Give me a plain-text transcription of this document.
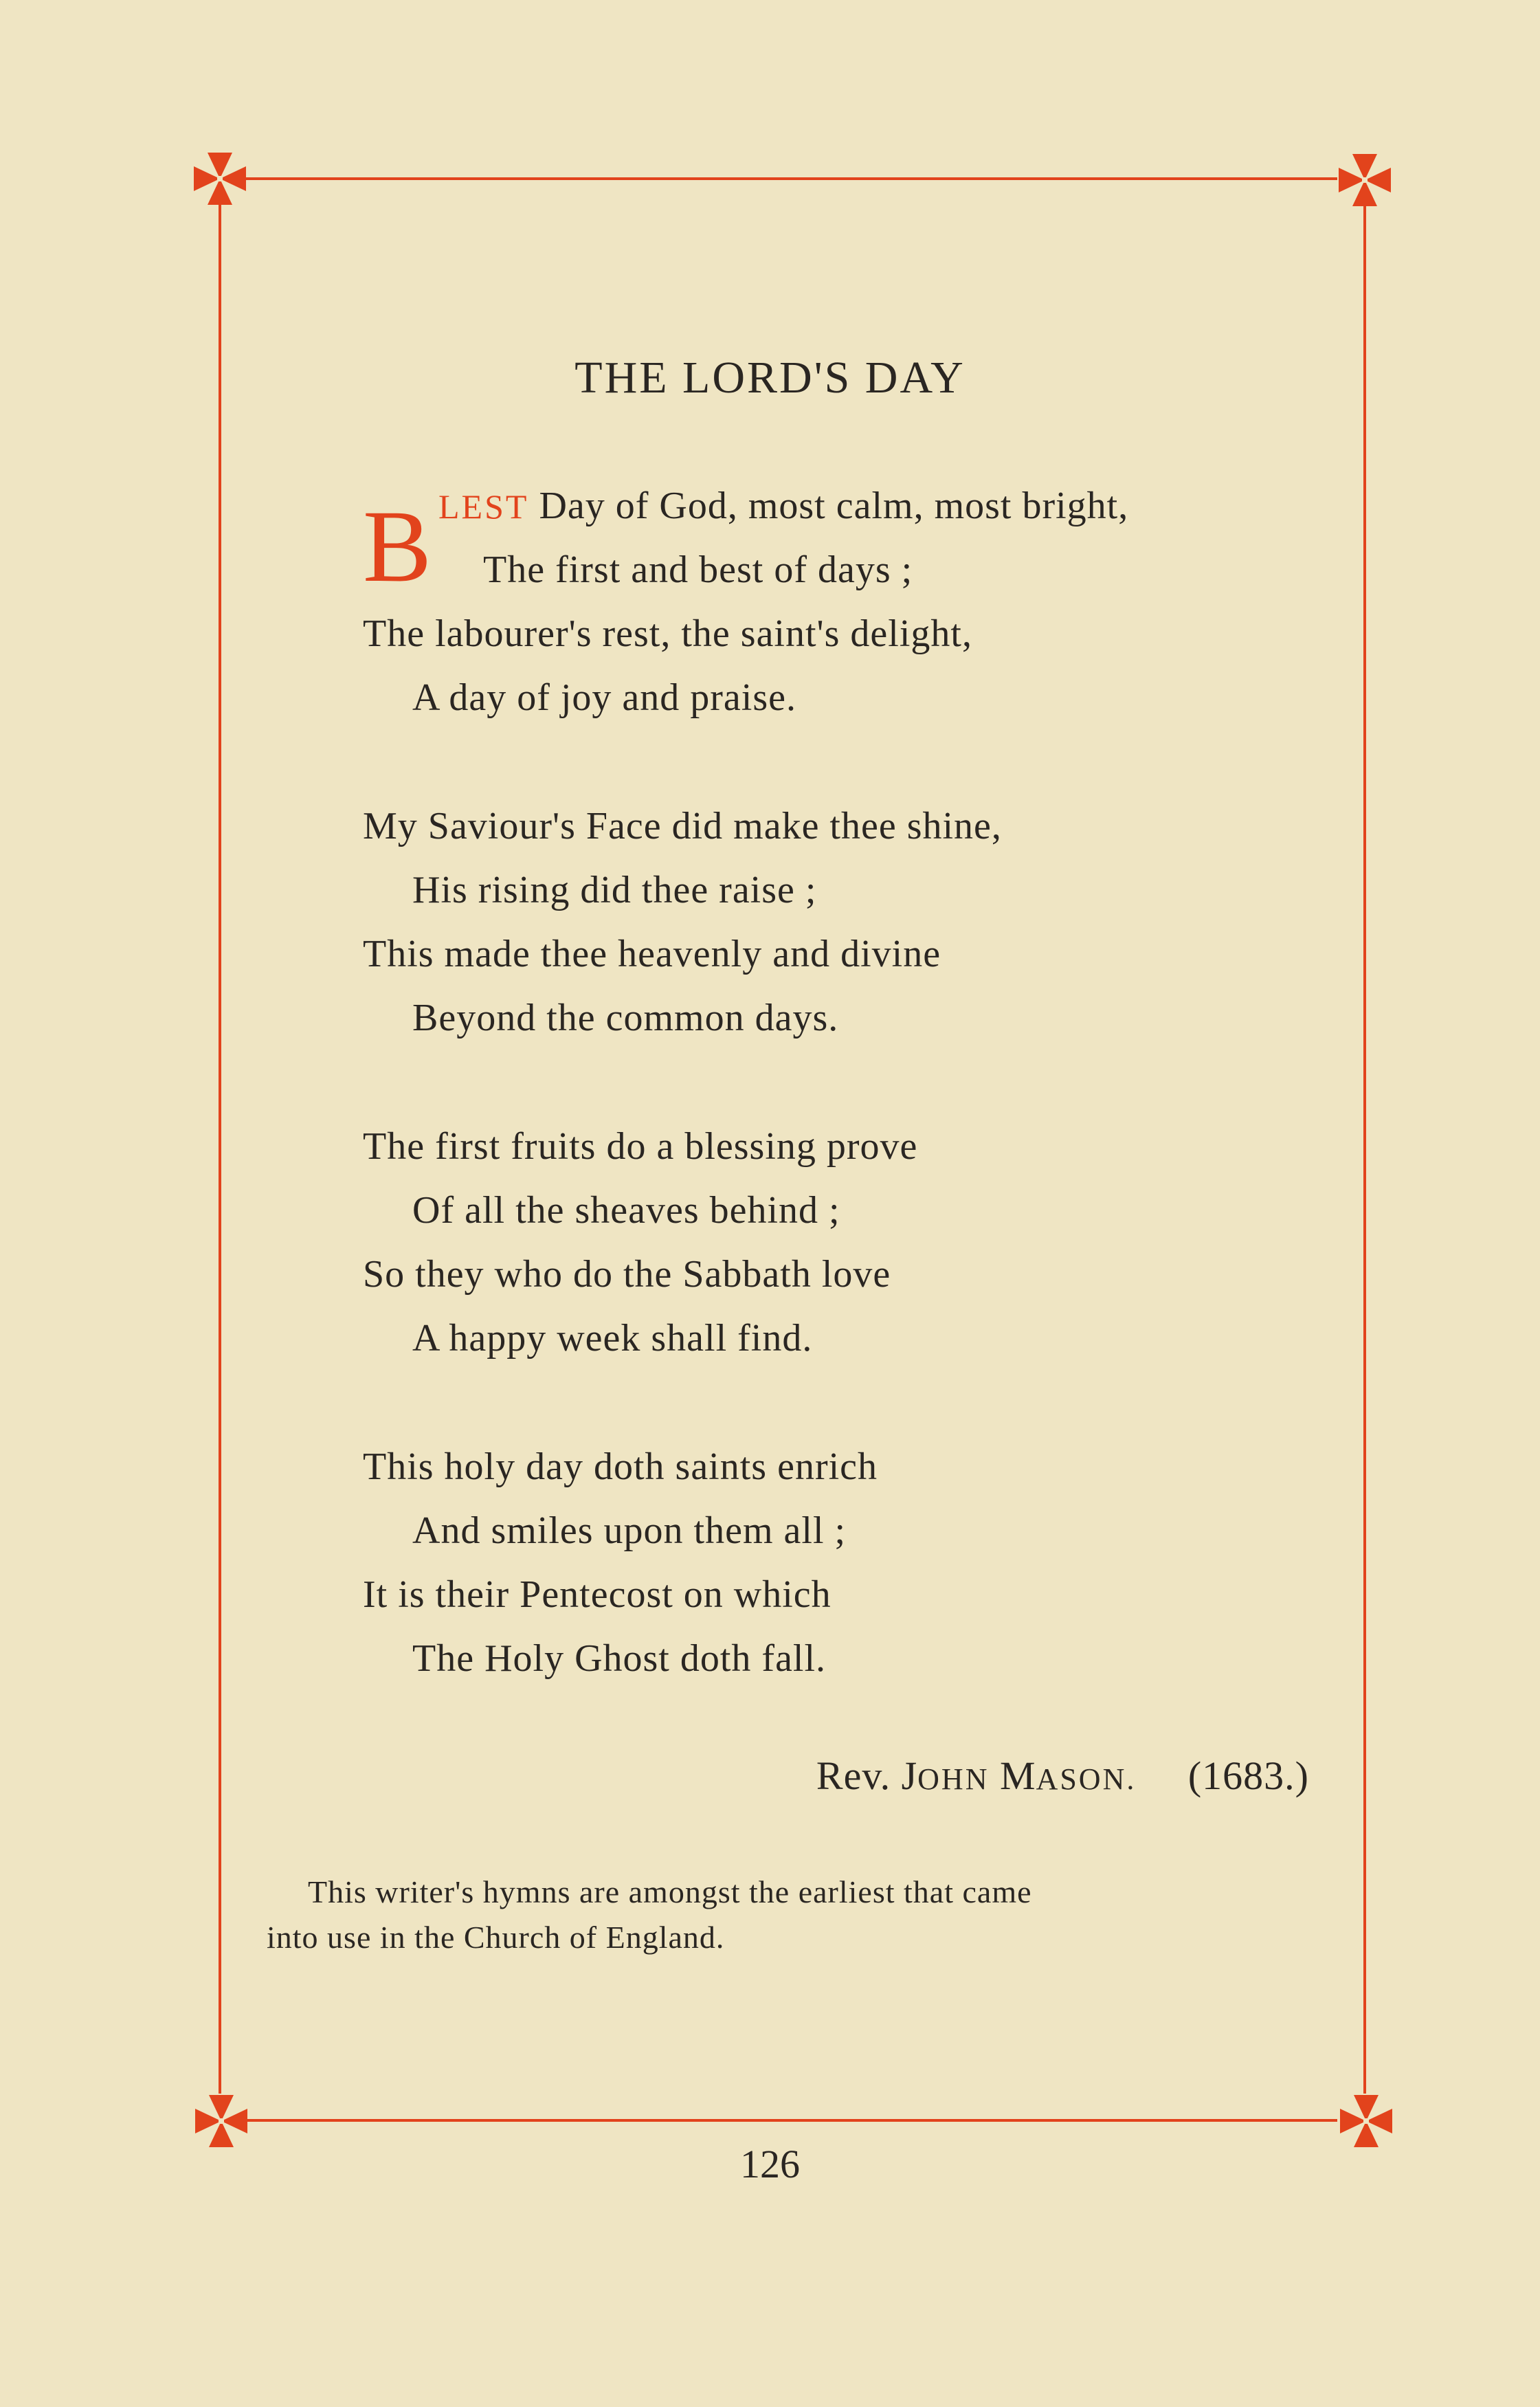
THE LORD'S DAY
B LEST Day of God, most calm, most bright,
The first and best of days ;
The labourer's rest, the saint's delight,
A day of joy and praise.
My Saviour's Face did make thee shine,
His rising did thee raise ;
This made thee heavenly and divine
Beyond the common days.
The first fruits do a blessing prove
Of all the sheaves behind ;
So they who do the Sabbath love
A happy week shall find.
This holy day doth saints enrich
And smiles upon them all ;
It is their Pentecost on which
The Holy Ghost doth fall.
Rev. JOHN MASON. (1683.)
This writer's hymns are amongst the earliest that came
into use in the Church of England.
126
